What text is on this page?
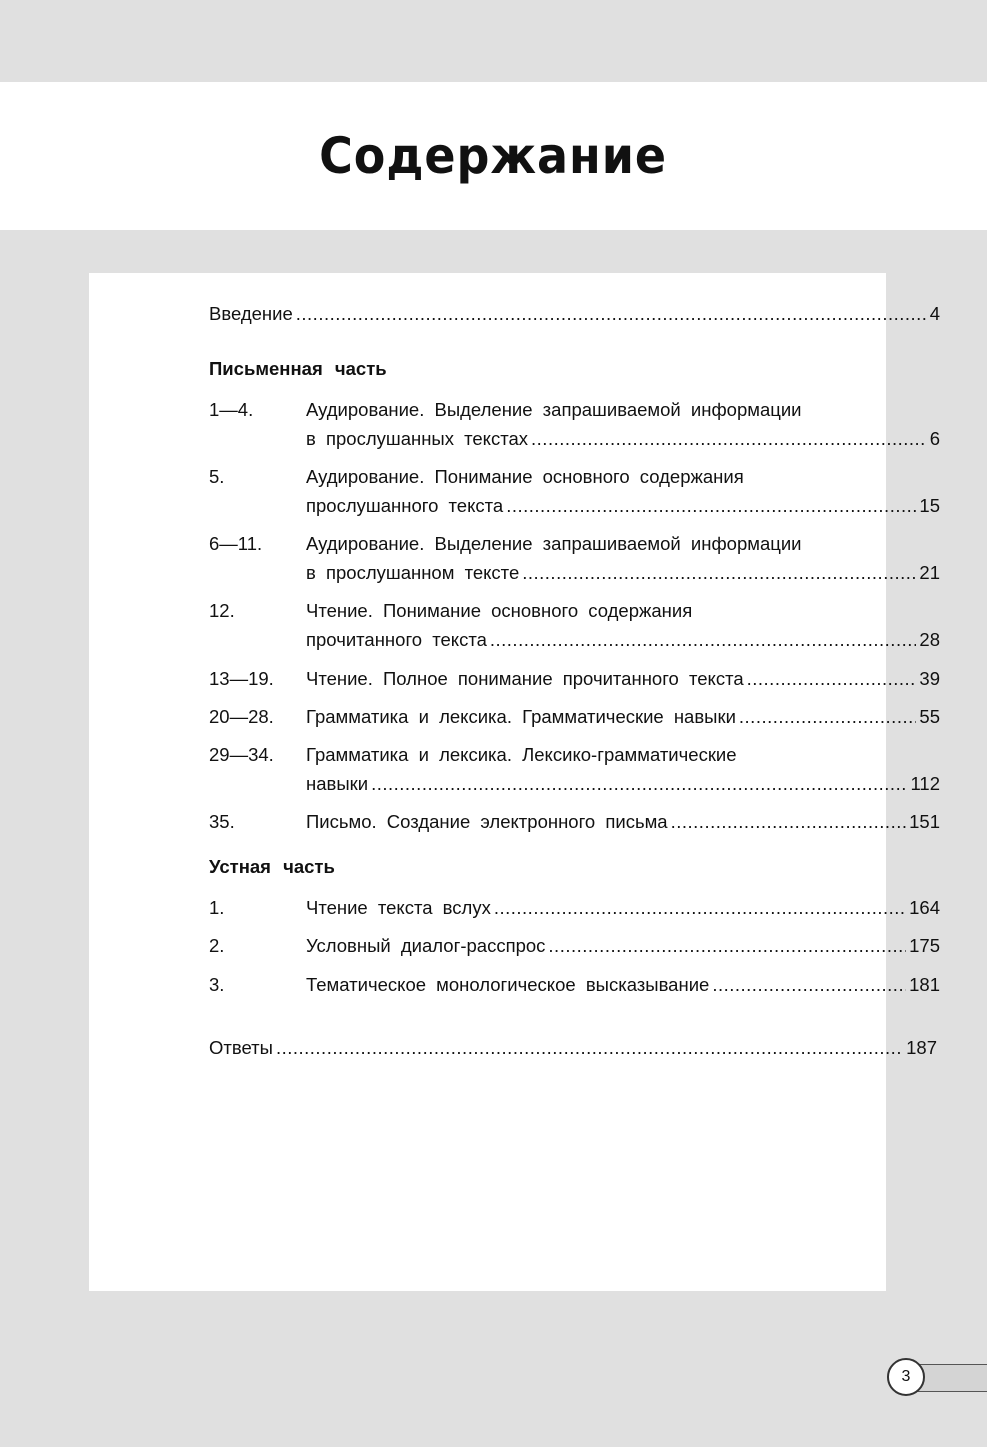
Содержание
Введение .....	4
Письменная часть
1—4.	Аудирование. Выделение запрашиваемой информации
в прослушанных текстах .....	6
5.	Аудирование. Понимание основного содержания
прослушанного текста .....	15
6—11.	Аудирование. Выделение запрашиваемой информации
в прослушанном тексте .....	21
12.	Чтение. Понимание основного содержания
прочитанного текста .....	28
13—19.	Чтение. Полное понимание прочитанного текста .....	39
20—28.	Грамматика и лексика. Грамматические навыки .....	55
29—34.	Грамматика и лексика. Лексико-грамматические
навыки .....	112
35.	Письмо. Создание электронного письма .....	151
Устная часть
1.	Чтение текста вслух .....	164
2.	Условный диалог-расспрос .....	175
3.	Тематическое монологическое высказывание .....	181
Ответы .....	187
3
